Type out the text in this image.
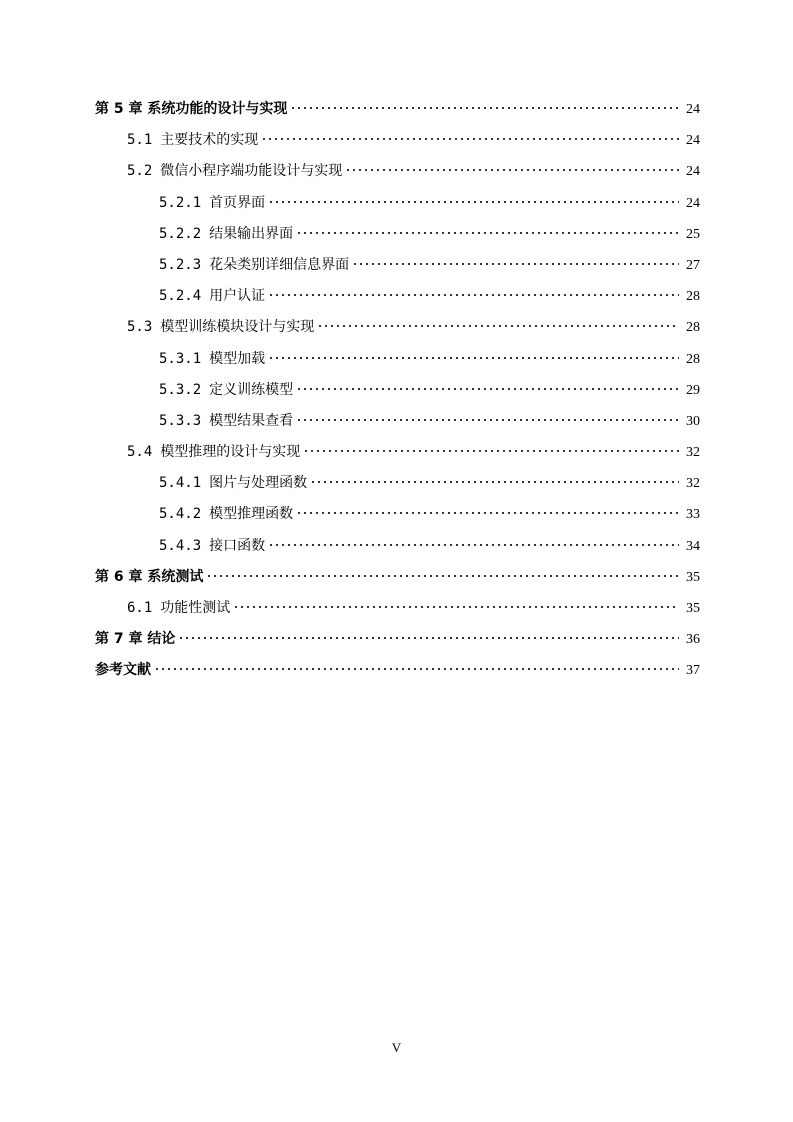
第 5 章 系统功能的设计与实现	24
5.1 主要技术的实现	24
5.2 微信小程序端功能设计与实现	24
5.2.1 首页界面	24
5.2.2 结果输出界面	25
5.2.3 花朵类别详细信息界面	27
5.2.4 用户认证	28
5.3 模型训练模块设计与实现	28
5.3.1 模型加载	28
5.3.2 定义训练模型	29
5.3.3 模型结果查看	30
5.4 模型推理的设计与实现	32
5.4.1 图片与处理函数	32
5.4.2 模型推理函数	33
5.4.3 接口函数	34
第 6 章 系统测试	35
6.1 功能性测试	35
第 7 章 结论	36
参考文献	37
V
